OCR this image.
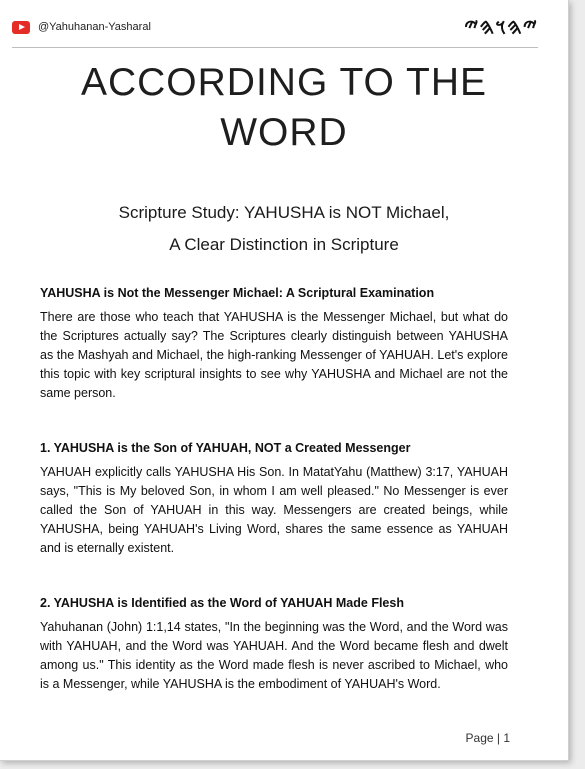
@Yahuhanan-Yasharal	𐤉𐤄𐤅𐤄𐤉
ACCORDING TO THE
WORD
Scripture Study: YAHUSHA is NOT Michael,
A Clear Distinction in Scripture
YAHUSHA is Not the Messenger Michael: A Scriptural Examination

There are those who teach that YAHUSHA is the Messenger Michael, but what do the Scriptures actually say? The Scriptures clearly distinguish between YAHUSHA as the Mashyah and Michael, the high-ranking Messenger of YAHUAH. Let's explore this topic with key scriptural insights to see why YAHUSHA and Michael are not the same person.

1. YAHUSHA is the Son of YAHUAH, NOT a Created Messenger

YAHUAH explicitly calls YAHUSHA His Son. In MatatYahu (Matthew) 3:17, YAHUAH says, "This is My beloved Son, in whom I am well pleased." No Messenger is ever called the Son of YAHUAH in this way. Messengers are created beings, while YAHUSHA, being YAHUAH's Living Word, shares the same essence as YAHUAH and is eternally existent.

2. YAHUSHA is Identified as the Word of YAHUAH Made Flesh

Yahuhanan (John) 1:1,14 states, "In the beginning was the Word, and the Word was with YAHUAH, and the Word was YAHUAH. And the Word became flesh and dwelt among us." This identity as the Word made flesh is never ascribed to Michael, who is a Messenger, while YAHUSHA is the embodiment of YAHUAH's Word.

Page | 1
